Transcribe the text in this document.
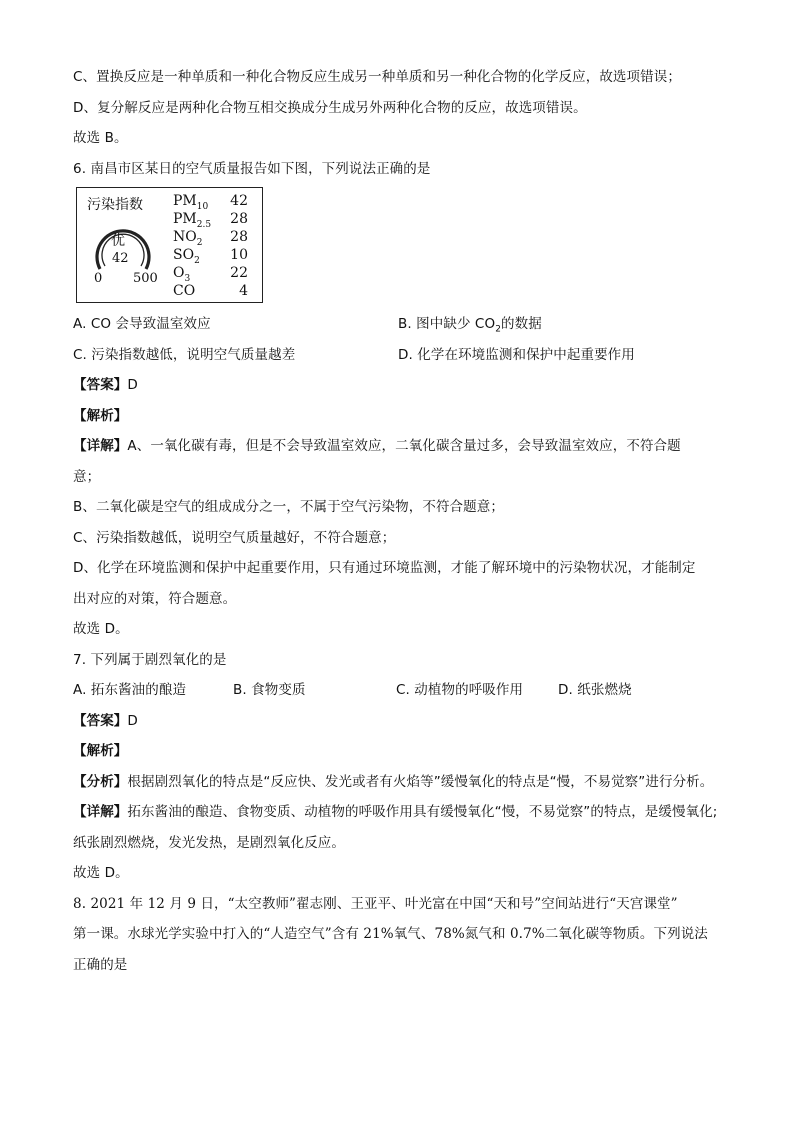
C、置换反应是一种单质和一种化合物反应生成另一种单质和另一种化合物的化学反应，故选项错误；
D、复分解反应是两种化合物互相交换成分生成另外两种化合物的反应，故选项错误。
故选 B。
6. 南昌市区某日的空气质量报告如下图，下列说法正确的是
污染指数
优
42
0 500
$PM_{10}$ 42
$PM_{2.5}$ 28
$NO_2$ 28
$SO_2$ 10
$O_3$	22
CO	4
A. CO 会导致温室效应	B. 图中缺少 $CO_2$的数据
C. 污染指数越低，说明空气质量越差	D. 化学在环境监测和保护中起重要作用
【答案】D
【解析】
【详解】A、一氧化碳有毒，但是不会导致温室效应，二氧化碳含量过多，会导致温室效应，不符合题
意；
B、二氧化碳是空气的组成成分之一，不属于空气污染物，不符合题意；
C、污染指数越低，说明空气质量越好，不符合题意；
D、化学在环境监测和保护中起重要作用，只有通过环境监测，才能了解环境中的污染物状况，才能制定
出对应的对策，符合题意。
故选 D。
7. 下列属于剧烈氧化的是
A. 拓东酱油的酿造	B. 食物变质	C. 动植物的呼吸作用	D. 纸张燃烧
【答案】D
【解析】
【分析】根据剧烈氧化的特点是“反应快、发光或者有火焰等”缓慢氧化的特点是“慢，不易觉察”进行分析。
【详解】拓东酱油的酿造、食物变质、动植物的呼吸作用具有缓慢氧化“慢，不易觉察”的特点，是缓慢氧化;
纸张剧烈燃烧，发光发热，是剧烈氧化反应。
故选 D。
8. 2021 年 12 月 9 日，“太空教师”翟志刚、王亚平、叶光富在中国“天和号”空间站进行“天宫课堂”
第一课。水球光学实验中打入的“人造空气”含有 21%氧气、78%氮气和 0.7%二氧化碳等物质。下列说法
正确的是
